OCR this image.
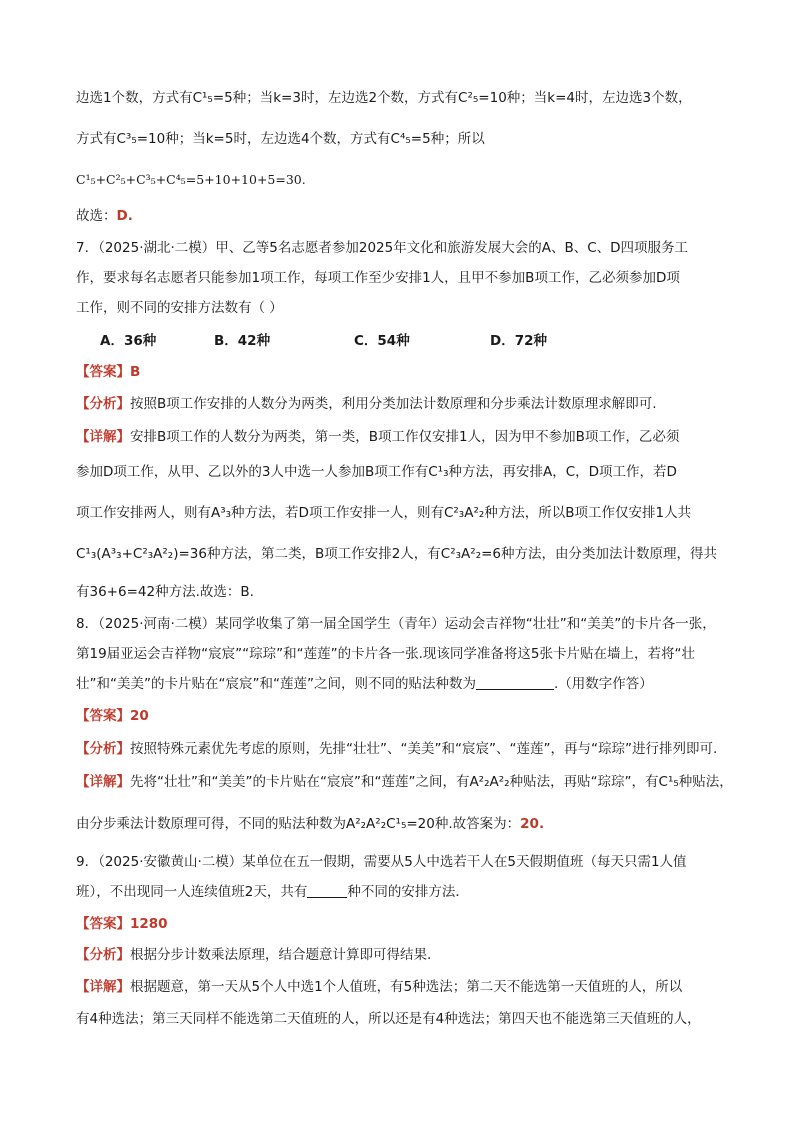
边选1个数，方式有C¹₅=5种；当k=3时，左边选2个数，方式有C²₅=10种；当k=4时，左边选3个数，
方式有C³₅=10种；当k=5时，左边选4个数，方式有C⁴₅=5种；所以
C¹₅+C²₅+C³₅+C⁴₅=5+10+10+5=30.
故选：D.
7．（2025·湖北·二模）甲、乙等5名志愿者参加2025年文化和旅游发展大会的A、B、C、D四项服务工
作，要求每名志愿者只能参加1项工作，每项工作至少安排1人，且甲不参加B项工作，乙必须参加D项
工作，则不同的安排方法数有（ ）
A．36种	B．42种	C．54种	D．72种
【答案】B
【分析】按照B项工作安排的人数分为两类，利用分类加法计数原理和分步乘法计数原理求解即可.
【详解】安排B项工作的人数分为两类，第一类，B项工作仅安排1人，因为甲不参加B项工作，乙必须
参加D项工作，从甲、乙以外的3人中选一人参加B项工作有C¹₃种方法，再安排A，C，D项工作，若D
项工作安排两人，则有A³₃种方法，若D项工作安排一人，则有C²₃A²₂种方法，所以B项工作仅安排1人共
C¹₃(A³₃+C²₃A²₂)=36种方法，第二类，B项工作安排2人，有C²₃A²₂=6种方法，由分类加法计数原理，得共
有36+6=42种方法.故选：B.
8．（2025·河南·二模）某同学收集了第一届全国学生（青年）运动会吉祥物“壮壮”和“美美”的卡片各一张，
第19届亚运会吉祥物“宸宸”“琮琮”和“莲莲”的卡片各一张.现该同学准备将这5张卡片贴在墙上，若将“壮
壮”和“美美”的卡片贴在“宸宸”和“莲莲”之间，则不同的贴法种数为	.（用数字作答）
【答案】20
【分析】按照特殊元素优先考虑的原则，先排“壮壮”、“美美”和“宸宸”、“莲莲”，再与“琮琮”进行排列即可.
【详解】先将“壮壮”和“美美”的卡片贴在“宸宸”和“莲莲”之间，有A²₂A²₂种贴法，再贴“琮琮”，有C¹₅种贴法，
由分步乘法计数原理可得，不同的贴法种数为A²₂A²₂C¹₅=20种.故答案为：20.
9．（2025·安徽黄山·二模）某单位在五一假期，需要从5人中选若干人在5天假期值班（每天只需1人值
班），不出现同一人连续值班2天，共有	种不同的安排方法．
【答案】1280
【分析】根据分步计数乘法原理，结合题意计算即可得结果.
【详解】根据题意，第一天从5个人中选1个人值班，有5种选法；第二天不能选第一天值班的人，所以
有4种选法；第三天同样不能选第二天值班的人，所以还是有4种选法；第四天也不能选第三天值班的人，
